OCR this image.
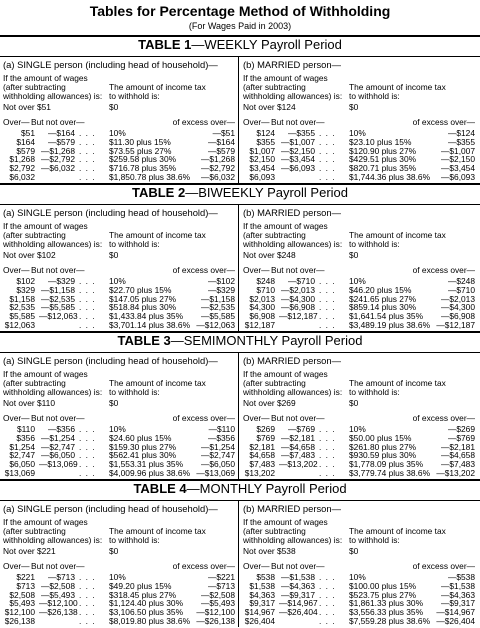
Tables for Percentage Method of Withholding
(For Wages Paid in 2003)
TABLE 1—WEEKLY Payroll Period
(a) SINGLE person (including head of household)—
If the amount of wages
(after subtracting
withholding allowances) is:
The amount of income tax
to withhold is:
Not over $51	$0
Over— But not over—	of excess over—
$51	—$164 . . .	10%	—$51
$164	—$579 . . .	$11.30 plus 15%	—$164
$579 —$1,268 . . .	$73.55 plus 27%	—$579
$1,268 —$2,792 . . .	$259.58 plus 30%	—$1,268
$2,792 —$6,032 . . .	$716.78 plus 35%	—$2,792
$6,032	. . .	$1,850.78 plus 38.6% —$6,032
(b) MARRIED person—
If the amount of wages
(after subtracting
withholding allowances) is:
The amount of income tax
to withhold is:
Not over $124	$0
Over— But not over—	of excess over—
$124	—$355 . . .	10%	—$124
$355 —$1,007 . . .	$23.10 plus 15%	—$355
$1,007 —$2,150 . . .	$120.90 plus 27%	—$1,007
$2,150 —$3,454 . . .	$429.51 plus 30%	—$2,150
$3,454 —$6,093 . . .	$820.71 plus 35%	—$3,454
$6,093	. . .	$1,744.36 plus 38.6% —$6,093
TABLE 2—BIWEEKLY Payroll Period
(a) SINGLE person (including head of household)—
If the amount of wages
(after subtracting
withholding allowances) is:
The amount of income tax
to withhold is:
Not over $102	$0
Over— But not over—	of excess over—
$102	—$329 . . .	10%	—$102
$329 —$1,158 . . .	$22.70 plus 15%	—$329
$1,158 —$2,535 . . .	$147.05 plus 27%	—$1,158
$2,535 —$5,585 . . .	$518.84 plus 30%	—$2,535
$5,585 —$12,063 . . .	$1,433.84 plus 35% —$5,585
$12,063	. . .	$3,701.14 plus 38.6% —$12,063
(b) MARRIED person—
If the amount of wages
(after subtracting
withholding allowances) is:
The amount of income tax
to withhold is:
Not over $248	$0
Over— But not over—	of excess over—
$248	—$710 . . .	10%	—$248
$710 —$2,013 . . .	$46.20 plus 15%	—$710
$2,013 —$4,300 . . .	$241.65 plus 27%	—$2,013
$4,300 —$6,908 . . .	$859.14 plus 30%	—$4,300
$6,908 —$12,187 . . .	$1,641.54 plus 35% —$6,908
$12,187	. . .	$3,489.19 plus 38.6% —$12,187
TABLE 3—SEMIMONTHLY Payroll Period
(a) SINGLE person (including head of household)—
If the amount of wages
(after subtracting
withholding allowances) is:
The amount of income tax
to withhold is:
Not over $110	$0
Over— But not over—	of excess over—
$110	—$356 . . .	10%	—$110
$356 —$1,254 . . .	$24.60 plus 15%	—$356
$1,254 —$2,747 . . .	$159.30 plus 27%	—$1,254
$2,747 —$6,050 . . .	$562.41 plus 30%	—$2,747
$6,050 —$13,069 . . .	$1,553.31 plus 35% —$6,050
$13,069	. . .	$4,009.96 plus 38.6% —$13,069
(b) MARRIED person—
If the amount of wages
(after subtracting
withholding allowances) is:
The amount of income tax
to withhold is:
Not over $269	$0
Over— But not over—	of excess over—
$269	—$769 . . .	10%	—$269
$769 —$2,181 . . .	$50.00 plus 15%	—$769
$2,181 —$4,658 . . .	$261.80 plus 27%	—$2,181
$4,658 —$7,483 . . .	$930.59 plus 30%	—$4,658
$7,483 —$13,202 . . .	$1,778.09 plus 35% —$7,483
$13,202	. . .	$3,779.74 plus 38.6% —$13,202
TABLE 4—MONTHLY Payroll Period
(a) SINGLE person (including head of household)—
If the amount of wages
(after subtracting
withholding allowances) is:
The amount of income tax
to withhold is:
Not over $221	$0
Over— But not over—	of excess over—
$221	—$713 . . .	10%	—$221
$713 —$2,508 . . .	$49.20 plus 15%	—$713
$2,508 —$5,493 . . .	$318.45 plus 27%	—$2,508
$5,493 —$12,100 . . .	$1,124.40 plus 30% —$5,493
$12,100 —$26,138 . . .	$3,106.50 plus 35% —$12,100
$26,138	. . .	$8,019.80 plus 38.6% —$26,138
(b) MARRIED person—
If the amount of wages
(after subtracting
withholding allowances) is:
The amount of income tax
to withhold is:
Not over $538	$0
Over— But not over—	of excess over—
$538 —$1,538 . . .	10%	—$538
$1,538 —$4,363 . . .	$100.00 plus 15%	—$1,538
$4,363 —$9,317 . . .	$523.75 plus 27%	—$4,363
$9,317 —$14,967 . . .	$1,861.33 plus 30% —$9,317
$14,967 —$26,404 . . .	$3,556.33 plus 35% —$14,967
$26,404	. . .	$7,559.28 plus 38.6% —$26,404
